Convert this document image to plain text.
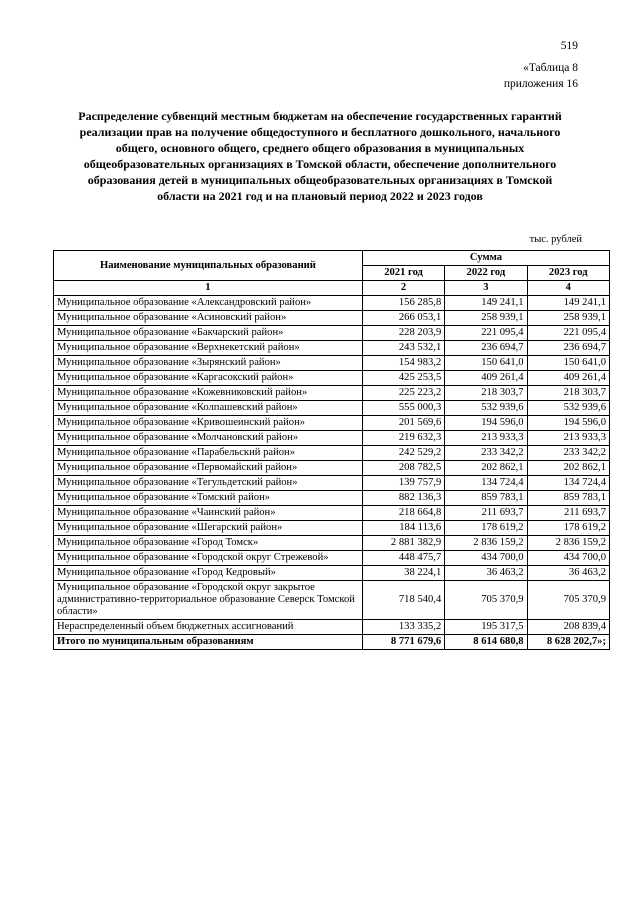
519
«Таблица 8
приложения 16
Распределение субвенций местным бюджетам на обеспечение государственных гарантий реализации прав на получение общедоступного и бесплатного дошкольного, начального общего, основного общего, среднего общего образования в муниципальных общеобразовательных организациях в Томской области, обеспечение дополнительного образования детей в муниципальных общеобразовательных организациях в Томской области на 2021 год и на плановый период 2022 и 2023 годов
тыс. рублей
Наименование муниципальных образований	Сумма		
	2021 год	2022 год	2023 год
1	2	3	4
Муниципальное образование «Александровский район»	156 285,8	149 241,1	149 241,1
Муниципальное образование «Асиновский район»	266 053,1	258 939,1	258 939,1
Муниципальное образование «Бакчарский район»	228 203,9	221 095,4	221 095,4
Муниципальное образование «Верхнекетский район»	243 532,1	236 694,7	236 694,7
Муниципальное образование «Зырянский район»	154 983,2	150 641,0	150 641,0
Муниципальное образование «Каргасокский район»	425 253,5	409 261,4	409 261,4
Муниципальное образование «Кожевниковский район»	225 223,2	218 303,7	218 303,7
Муниципальное образование «Колпашевский район»	555 000,3	532 939,6	532 939,6
Муниципальное образование «Кривошеинский район»	201 569,6	194 596,0	194 596,0
Муниципальное образование «Молчановский район»	219 632,3	213 933,3	213 933,3
Муниципальное образование «Парабельский район»	242 529,2	233 342,2	233 342,2
Муниципальное образование «Первомайский район»	208 782,5	202 862,1	202 862,1
Муниципальное образование «Тегульдетский район»	139 757,9	134 724,4	134 724,4
Муниципальное образование «Томский район»	882 136,3	859 783,1	859 783,1
Муниципальное образование «Чаинский район»	218 664,8	211 693,7	211 693,7
Муниципальное образование «Шегарский район»	184 113,6	178 619,2	178 619,2
Муниципальное образование «Город Томск»	2 881 382,9	2 836 159,2	2 836 159,2
Муниципальное образование «Городской округ Стрежевой»	448 475,7	434 700,0	434 700,0
Муниципальное образование «Город Кедровый»	38 224,1	36 463,2	36 463,2
Муниципальное образование «Городской округ закрытое административно-территориальное образование Северск Томской области»	718 540,4	705 370,9	705 370,9
Нераспределенный объем бюджетных ассигнований	133 335,2	195 317,5	208 839,4
Итого по муниципальным образованиям	8 771 679,6	8 614 680,8	8 628 202,7»;
